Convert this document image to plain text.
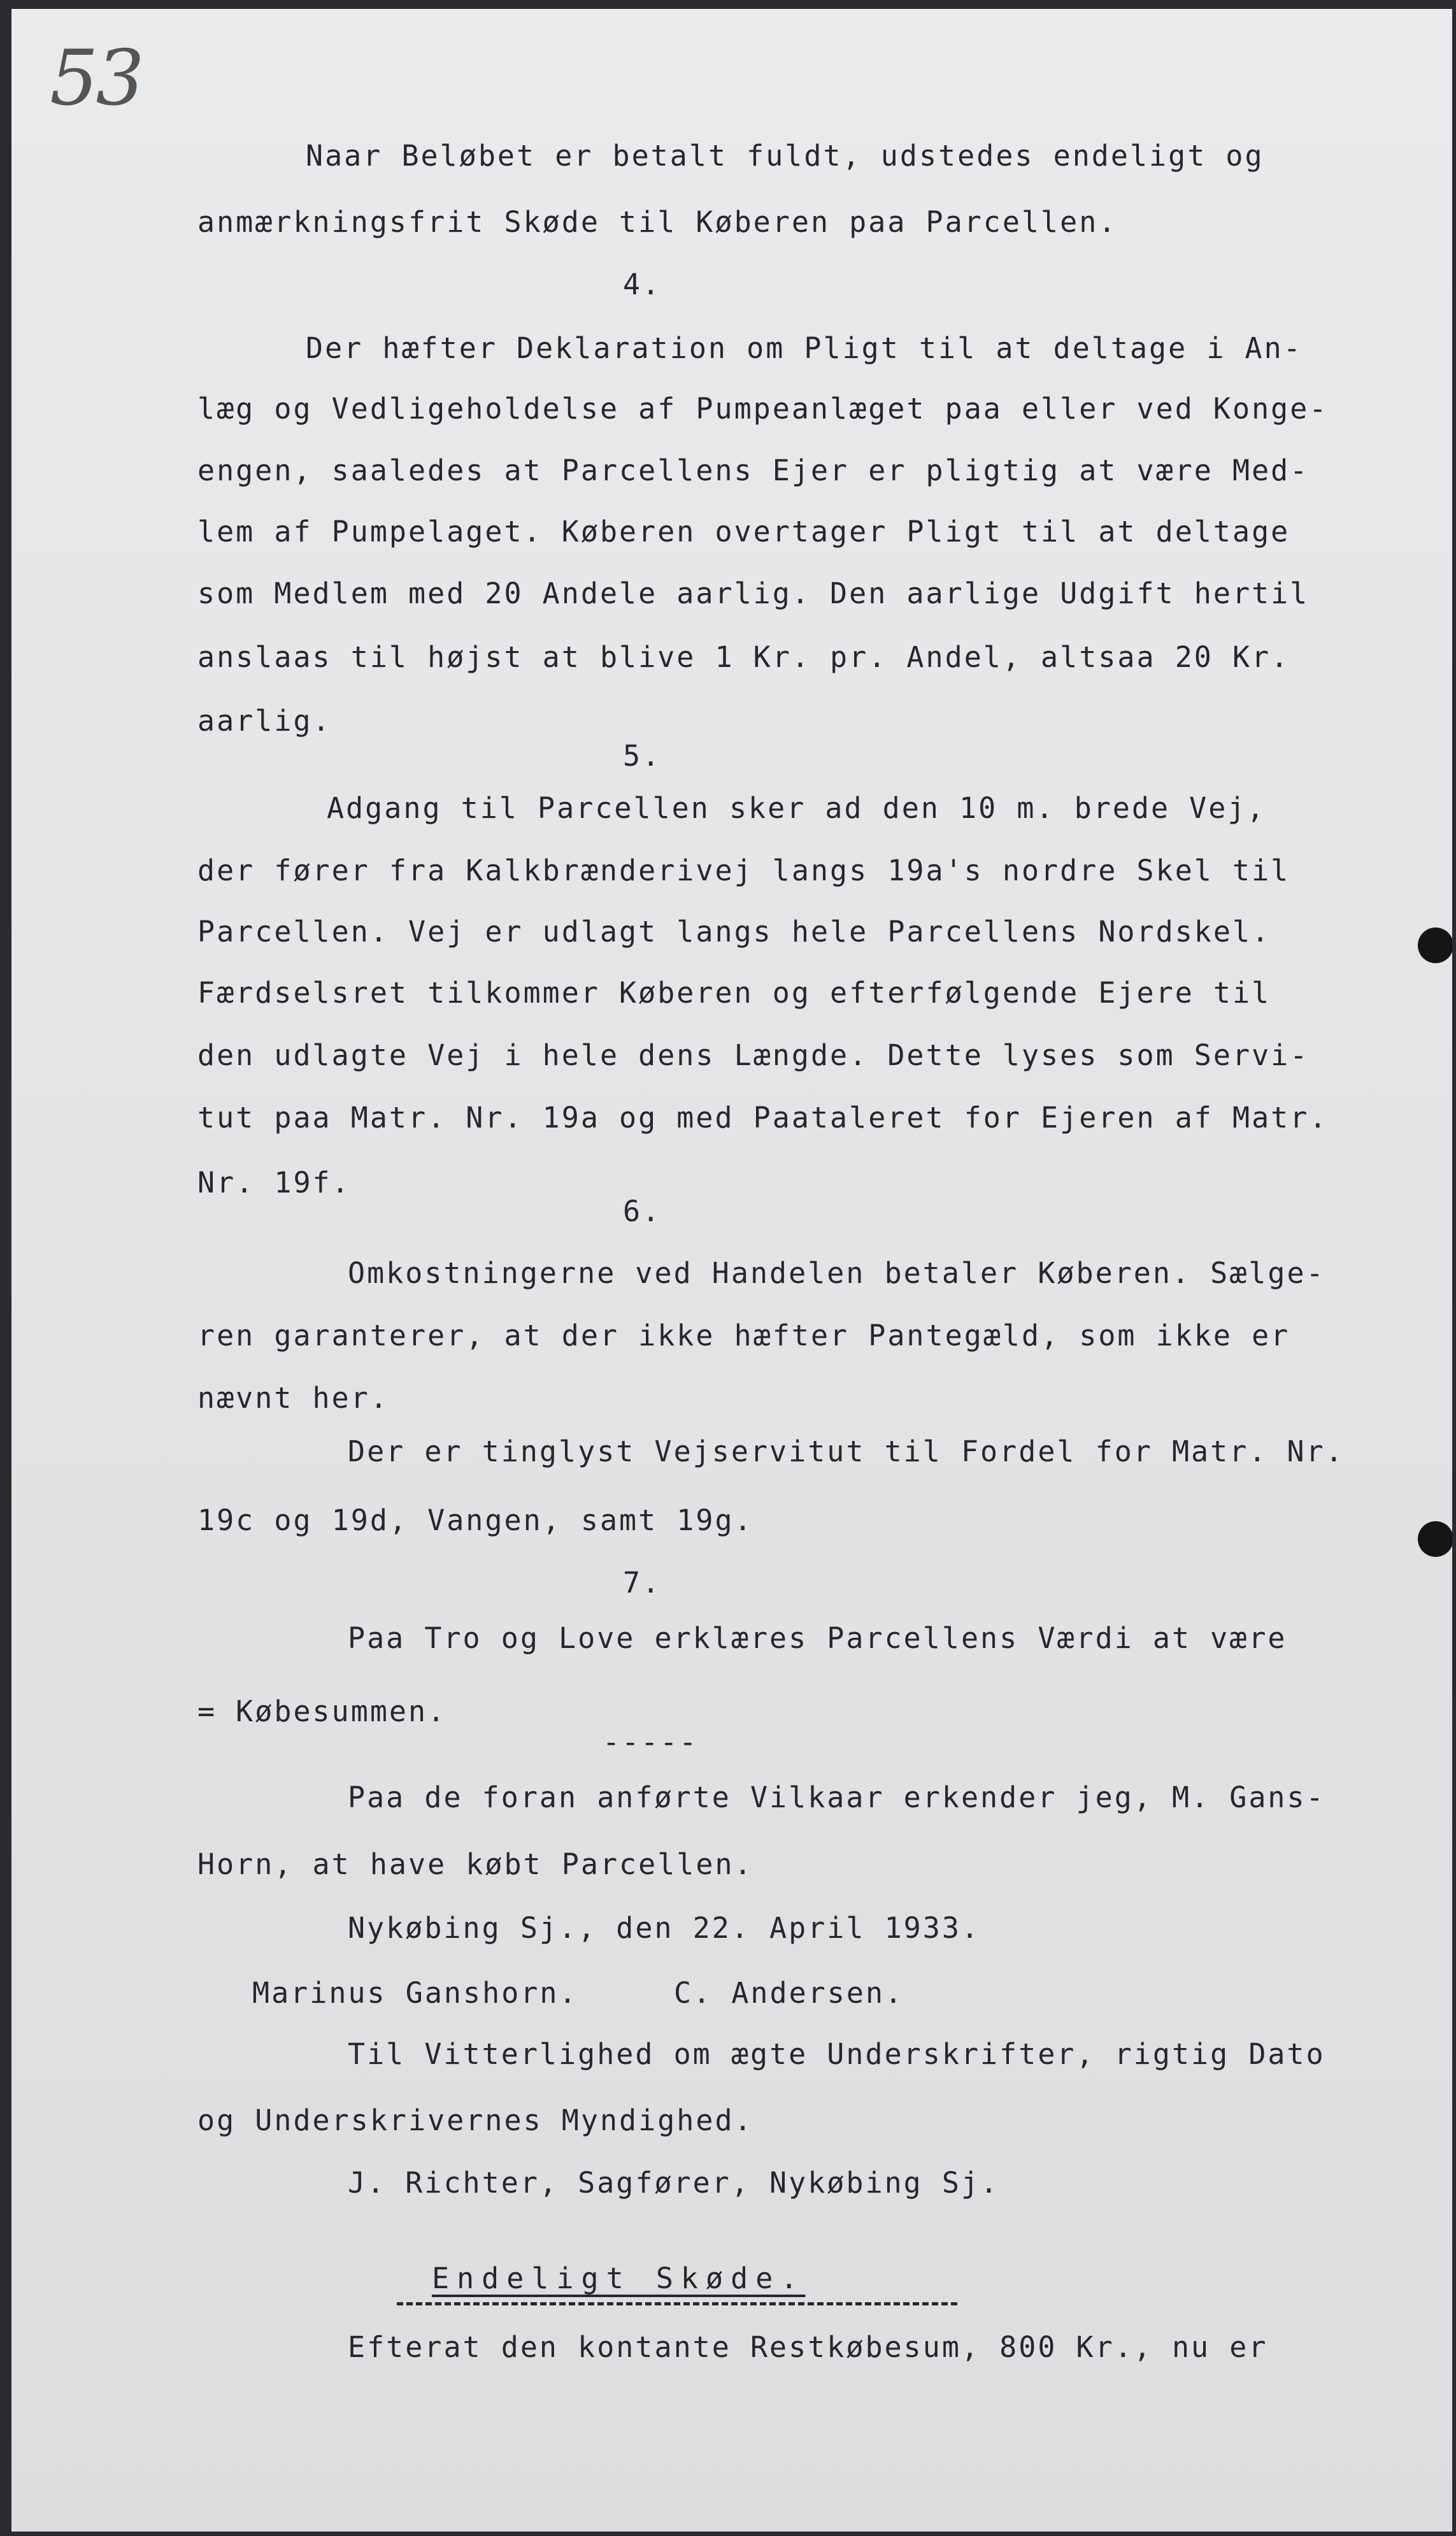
53
Naar Beløbet er betalt fuldt, udstedes endeligt og
anmærkningsfrit Skøde til Køberen paa Parcellen.
4.
Der hæfter Deklaration om Pligt til at deltage i An-
læg og Vedligeholdelse af Pumpeanlæget paa eller ved Konge-
engen, saaledes at Parcellens Ejer er pligtig at være Med-
lem af Pumpelaget. Køberen overtager Pligt til at deltage
som Medlem med 20 Andele aarlig. Den aarlige Udgift hertil
anslaas til højst at blive 1 Kr. pr. Andel, altsaa 20 Kr.
aarlig.
5.
Adgang til Parcellen sker ad den 10 m. brede Vej,
der fører fra Kalkbrænderivej langs 19a's nordre Skel til
Parcellen. Vej er udlagt langs hele Parcellens Nordskel.
Færdselsret tilkommer Køberen og efterfølgende Ejere til
den udlagte Vej i hele dens Længde. Dette lyses som Servi-
tut paa Matr. Nr. 19a og med Paataleret for Ejeren af Matr.
Nr. 19f.
6.
Omkostningerne ved Handelen betaler Køberen. Sælge-
ren garanterer, at der ikke hæfter Pantegæld, som ikke er
nævnt her.
Der er tinglyst Vejservitut til Fordel for Matr. Nr.
19c og 19d, Vangen, samt 19g.
7.
Paa Tro og Love erklæres Parcellens Værdi at være
= Købesummen.
-----
Paa de foran anførte Vilkaar erkender jeg, M. Gans-
Horn, at have købt Parcellen.
Nykøbing Sj., den 22. April 1933.
Marinus Ganshorn.     C. Andersen.
Til Vitterlighed om ægte Underskrifter, rigtig Dato
og Underskrivernes Myndighed.
J. Richter, Sagfører, Nykøbing Sj.
Endeligt Skøde.
Efterat den kontante Restkøbesum, 800 Kr., nu er
